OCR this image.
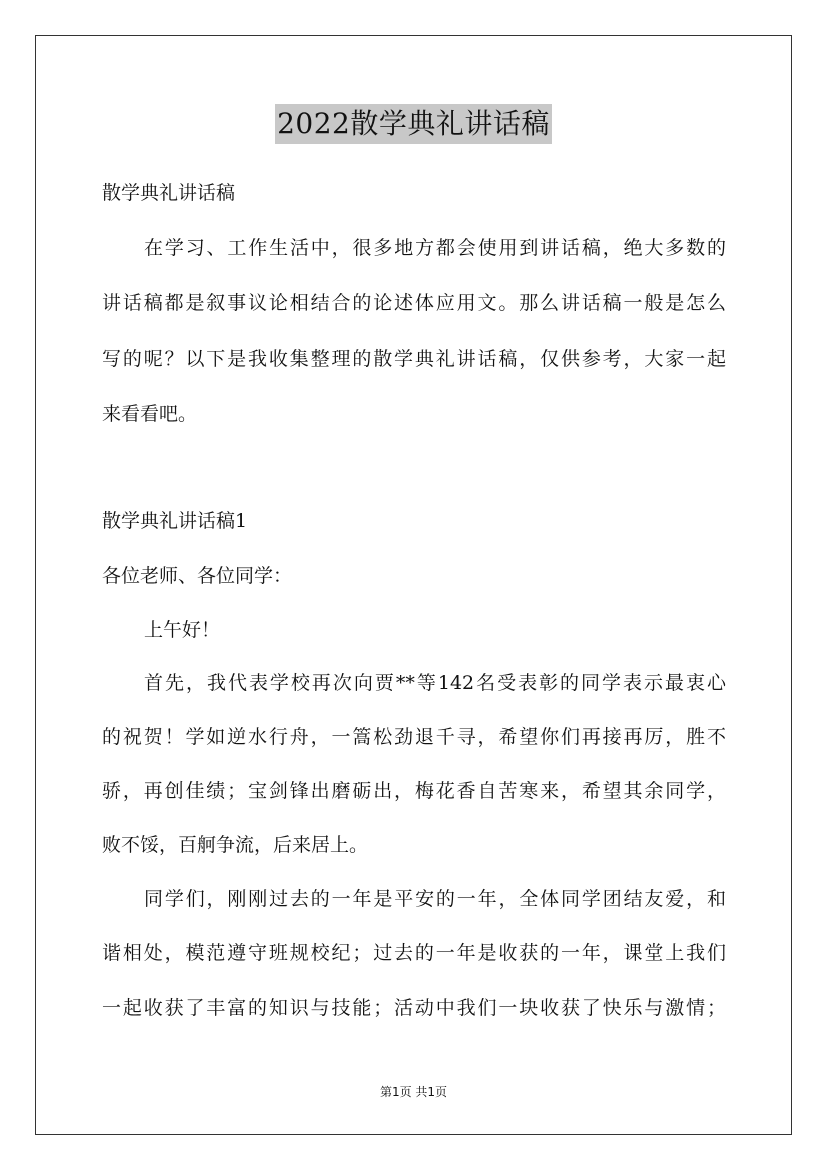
2022散学典礼讲话稿
散学典礼讲话稿
在学习、工作生活中，很多地方都会使用到讲话稿，绝大多数的
讲话稿都是叙事议论相结合的论述体应用文。那么讲话稿一般是怎么
写的呢？以下是我收集整理的散学典礼讲话稿，仅供参考，大家一起
来看看吧。
散学典礼讲话稿1
各位老师、各位同学：
上午好！
首先，我代表学校再次向贾**等142名受表彰的同学表示最衷心
的祝贺！学如逆水行舟，一篙松劲退千寻，希望你们再接再厉，胜不
骄，再创佳绩；宝剑锋出磨砺出，梅花香自苦寒来，希望其余同学，
败不馁，百舸争流，后来居上。
同学们，刚刚过去的一年是平安的一年，全体同学团结友爱，和
谐相处，模范遵守班规校纪；过去的一年是收获的一年，课堂上我们
一起收获了丰富的知识与技能；活动中我们一块收获了快乐与激情；
第1页 共1页
